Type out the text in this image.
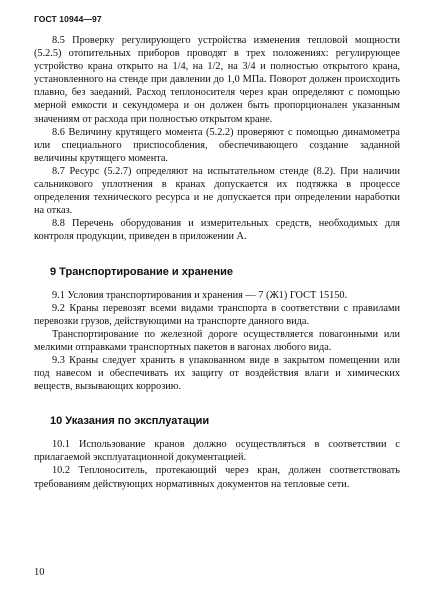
ГОСТ 10944—97

8.5 Проверку регулирующего устройства изменения тепловой мощности (5.2.5) отопительных приборов проводят в трех положениях: регулирующее устройство крана открыто на 1/4, на 1/2, на 3/4 и полностью открытого крана, установленного на стенде при давлении до 1,0 МПа. Поворот должен происходить плавно, без заеданий. Расход теплоносителя через кран определяют с помощью мерной емкости и секундомера и он должен быть пропорционален указанным значениям от расхода при полностью открытом кране.

8.6 Величину крутящего момента (5.2.2) проверяют с помощью динамометра или специального приспособления, обеспечивающего создание заданной величины крутящего момента.

8.7 Ресурс (5.2.7) определяют на испытательном стенде (8.2). При наличии сальникового уплотнения в кранах допускается их подтяжка в процессе определения технического ресурса и не допускается при определении наработки на отказ.

8.8 Перечень оборудования и измерительных средств, необходимых для контроля продукции, приведен в приложении А.

9 Транспортирование и хранение

9.1 Условия транспортирования и хранения — 7 (Ж1) ГОСТ 15150.

9.2 Краны перевозят всеми видами транспорта в соответствии с правилами перевозки грузов, действующими на транспорте данного вида.

Транспортирование по железной дороге осуществляется повагонными или мелкими отправками транспортных пакетов в вагонах любого вида.

9.3 Краны следует хранить в упакованном виде в закрытом помещении или под навесом и обеспечивать их защиту от воздействия влаги и химических веществ, вызывающих коррозию.

10 Указания по эксплуатации

10.1 Использование кранов должно осуществляться в соответствии с прилагаемой эксплуатационной документацией.

10.2 Теплоноситель, протекающий через кран, должен соответствовать требованиям действующих нормативных документов на тепловые сети.

10
